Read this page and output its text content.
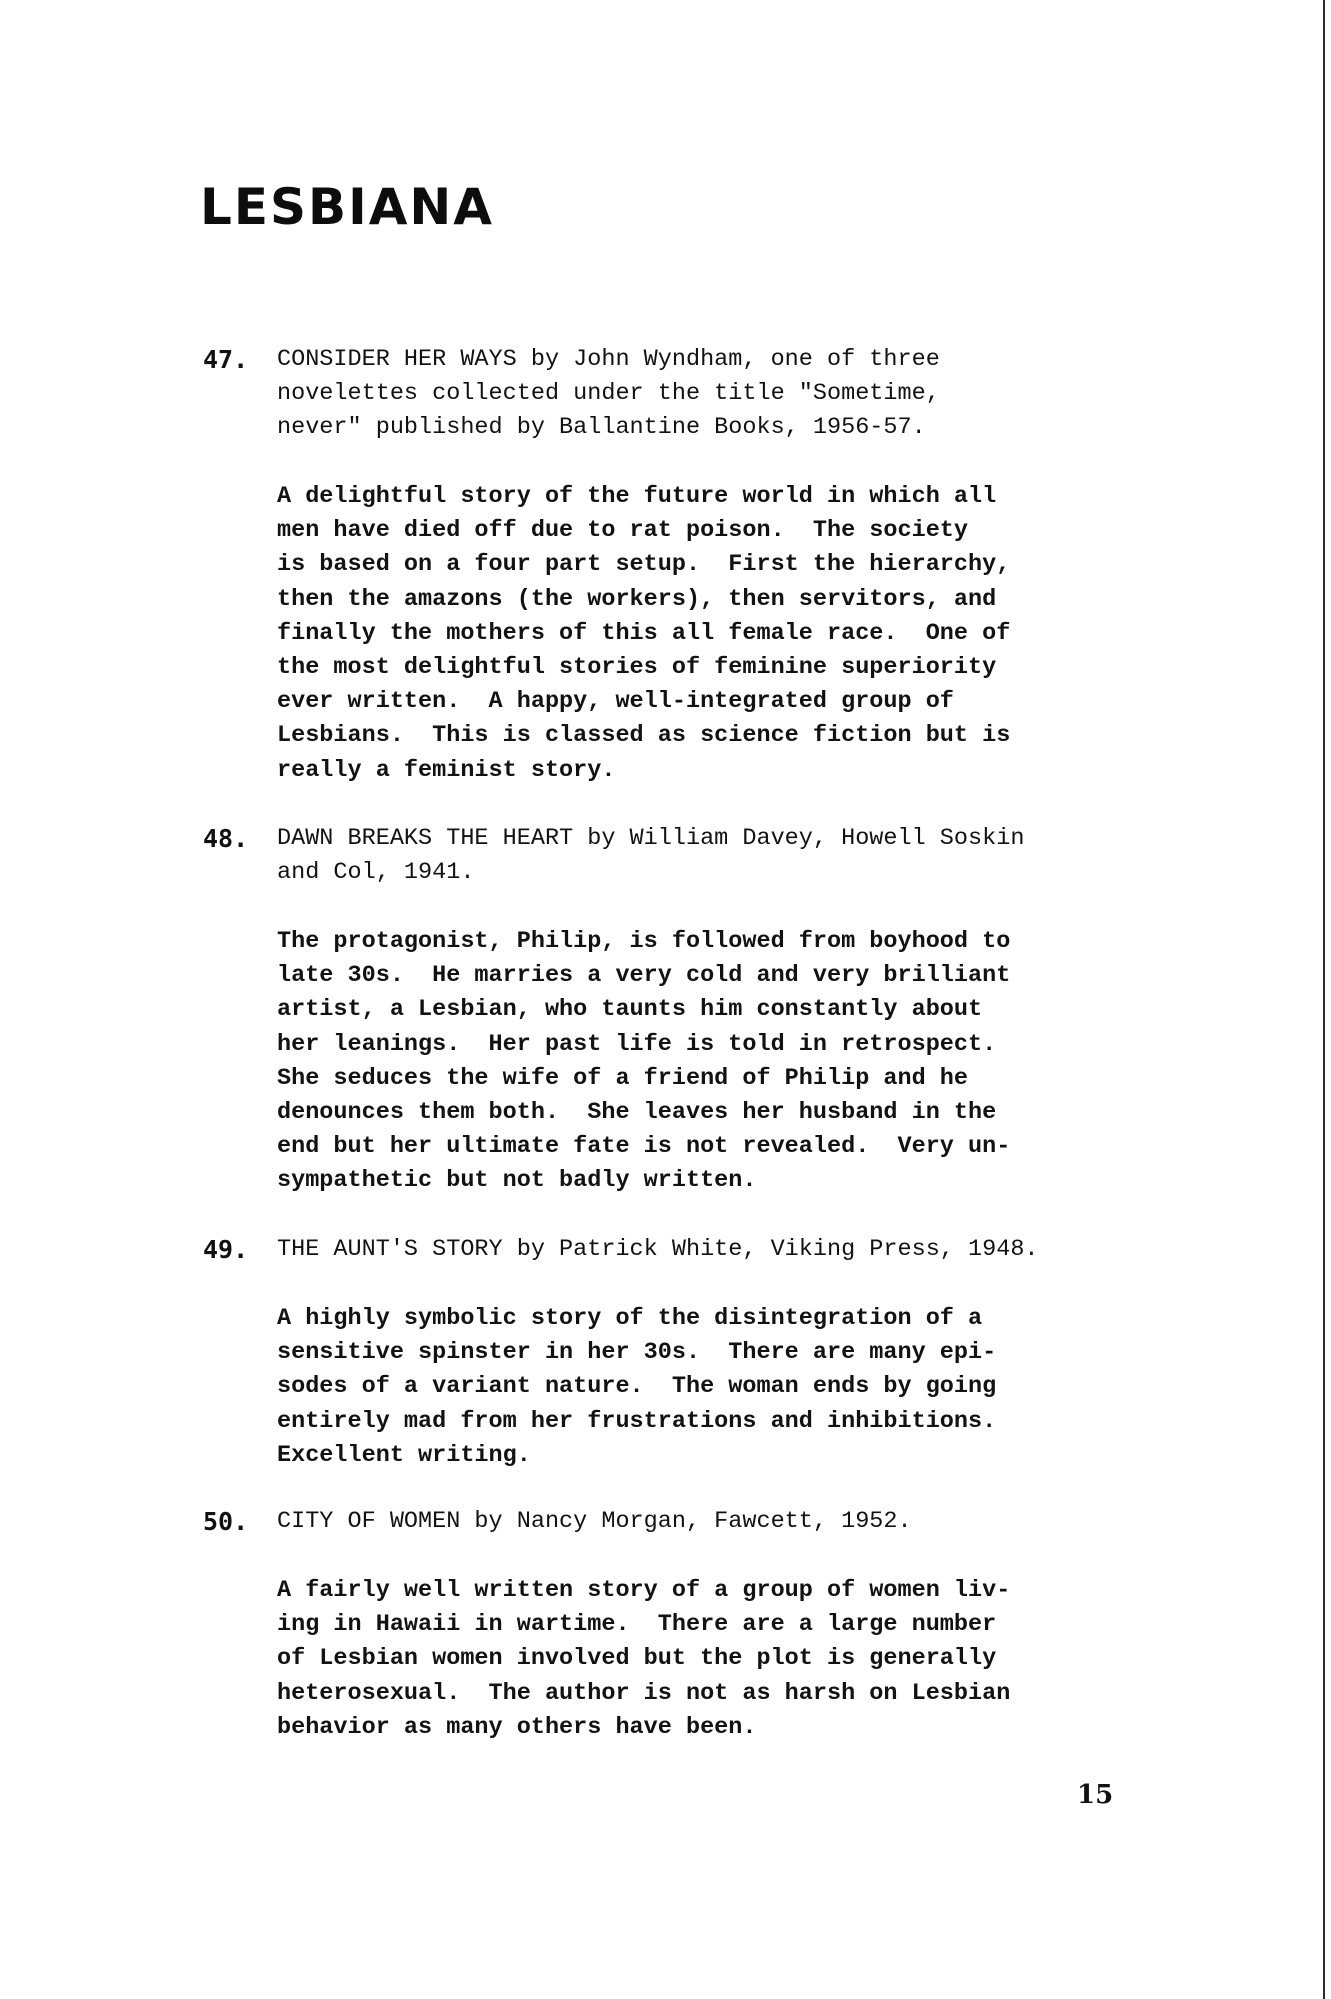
LESBIANA
47. CONSIDER HER WAYS by John Wyndham, one of three
novelettes collected under the title "Sometime,
never" published by Ballantine Books, 1956-57.

A delightful story of the future world in which all
men have died off due to rat poison.  The society
is based on a four part setup.  First the hierarchy,
then the amazons (the workers), then servitors, and
finally the mothers of this all female race.  One of
the most delightful stories of feminine superiority
ever written.  A happy, well-integrated group of
Lesbians.  This is classed as science fiction but is
really a feminist story.

48. DAWN BREAKS THE HEART by William Davey, Howell Soskin
and Col, 1941.

The protagonist, Philip, is followed from boyhood to
late 30s.  He marries a very cold and very brilliant
artist, a Lesbian, who taunts him constantly about
her leanings.  Her past life is told in retrospect.
She seduces the wife of a friend of Philip and he
denounces them both.  She leaves her husband in the
end but her ultimate fate is not revealed.  Very un-
sympathetic but not badly written.

49. THE AUNT'S STORY by Patrick White, Viking Press, 1948.

A highly symbolic story of the disintegration of a
sensitive spinster in her 30s.  There are many epi-
sodes of a variant nature.  The woman ends by going
entirely mad from her frustrations and inhibitions.
Excellent writing.

50. CITY OF WOMEN by Nancy Morgan, Fawcett, 1952.

A fairly well written story of a group of women liv-
ing in Hawaii in wartime.  There are a large number
of Lesbian women involved but the plot is generally
heterosexual.  The author is not as harsh on Lesbian
behavior as many others have been.

15
